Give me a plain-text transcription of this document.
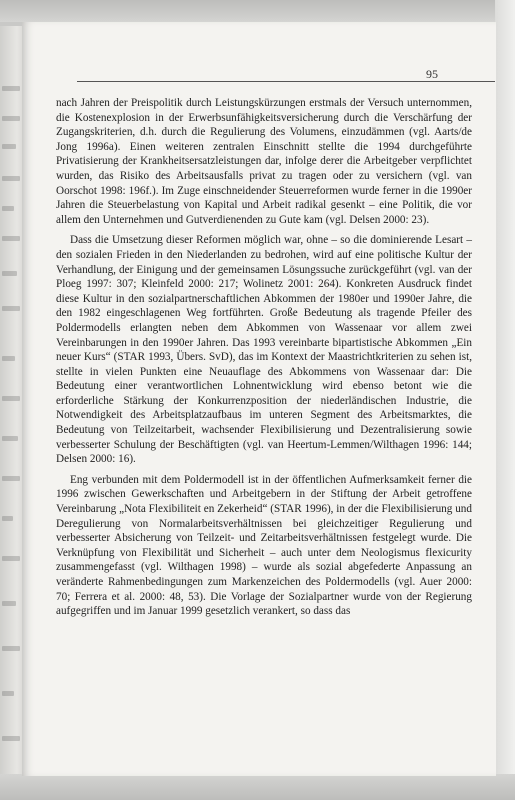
95

nach Jahren der Preispolitik durch Leistungskürzungen erstmals der Versuch unternommen, die Kostenexplosion in der Erwerbsunfähigkeitsversicherung durch die Verschärfung der Zugangskriterien, d.h. durch die Regulierung des Volumens, einzudämmen (vgl. Aarts/de Jong 1996a). Einen weiteren zentralen Einschnitt stellte die 1994 durchgeführte Privatisierung der Krankheitsersatzleistungen dar, infolge derer die Arbeitgeber verpflichtet wurden, das Risiko des Arbeitsausfalls privat zu tragen oder zu versichern (vgl. van Oorschot 1998: 196f.). Im Zuge einschneidender Steuerreformen wurde ferner in die 1990er Jahren die Steuerbelastung von Kapital und Arbeit radikal gesenkt – eine Politik, die vor allem den Unternehmen und Gutverdienenden zu Gute kam (vgl. Delsen 2000: 23).

Dass die Umsetzung dieser Reformen möglich war, ohne – so die dominierende Lesart – den sozialen Frieden in den Niederlanden zu bedrohen, wird auf eine politische Kultur der Verhandlung, der Einigung und der gemeinsamen Lösungssuche zurückgeführt (vgl. van der Ploeg 1997: 307; Kleinfeld 2000: 217; Wolinetz 2001: 264). Konkreten Ausdruck findet diese Kultur in den sozialpartnerschaftlichen Abkommen der 1980er und 1990er Jahre, die den 1982 eingeschlagenen Weg fortführten. Große Bedeutung als tragende Pfeiler des Poldermodells erlangten neben dem Abkommen von Wassenaar vor allem zwei Vereinbarungen in den 1990er Jahren. Das 1993 vereinbarte bipartistische Abkommen „Ein neuer Kurs“ (STAR 1993, Übers. SvD), das im Kontext der Maastrichtkriterien zu sehen ist, stellte in vielen Punkten eine Neuauflage des Abkommens von Wassenaar dar: Die Bedeutung einer verantwortlichen Lohnentwicklung wird ebenso betont wie die erforderliche Stärkung der Konkurrenzposition der niederländischen Industrie, die Notwendigkeit des Arbeitsplatzaufbaus im unteren Segment des Arbeitsmarktes, die Bedeutung von Teilzeitarbeit, wachsender Flexibilisierung und Dezentralisierung sowie verbesserter Schulung der Beschäftigten (vgl. van Heertum-Lemmen/Wilthagen 1996: 144; Delsen 2000: 16).

Eng verbunden mit dem Poldermodell ist in der öffentlichen Aufmerksamkeit ferner die 1996 zwischen Gewerkschaften und Arbeitgebern in der Stiftung der Arbeit getroffene Vereinbarung „Nota Flexibiliteit en Zekerheid“ (STAR 1996), in der die Flexibilisierung und Deregulierung von Normalarbeitsverhältnissen bei gleichzeitiger Regulierung und verbesserter Absicherung von Teilzeit- und Zeitarbeitsverhältnissen festgelegt wurde. Die Verknüpfung von Flexibilität und Sicherheit – auch unter dem Neologismus flexicurity zusammengefasst (vgl. Wilthagen 1998) – wurde als sozial abgefederte Anpassung an veränderte Rahmenbedingungen zum Markenzeichen des Poldermodells (vgl. Auer 2000: 70; Ferrera et al. 2000: 48, 53). Die Vorlage der Sozialpartner wurde von der Regierung aufgegriffen und im Januar 1999 gesetzlich verankert, so dass das
